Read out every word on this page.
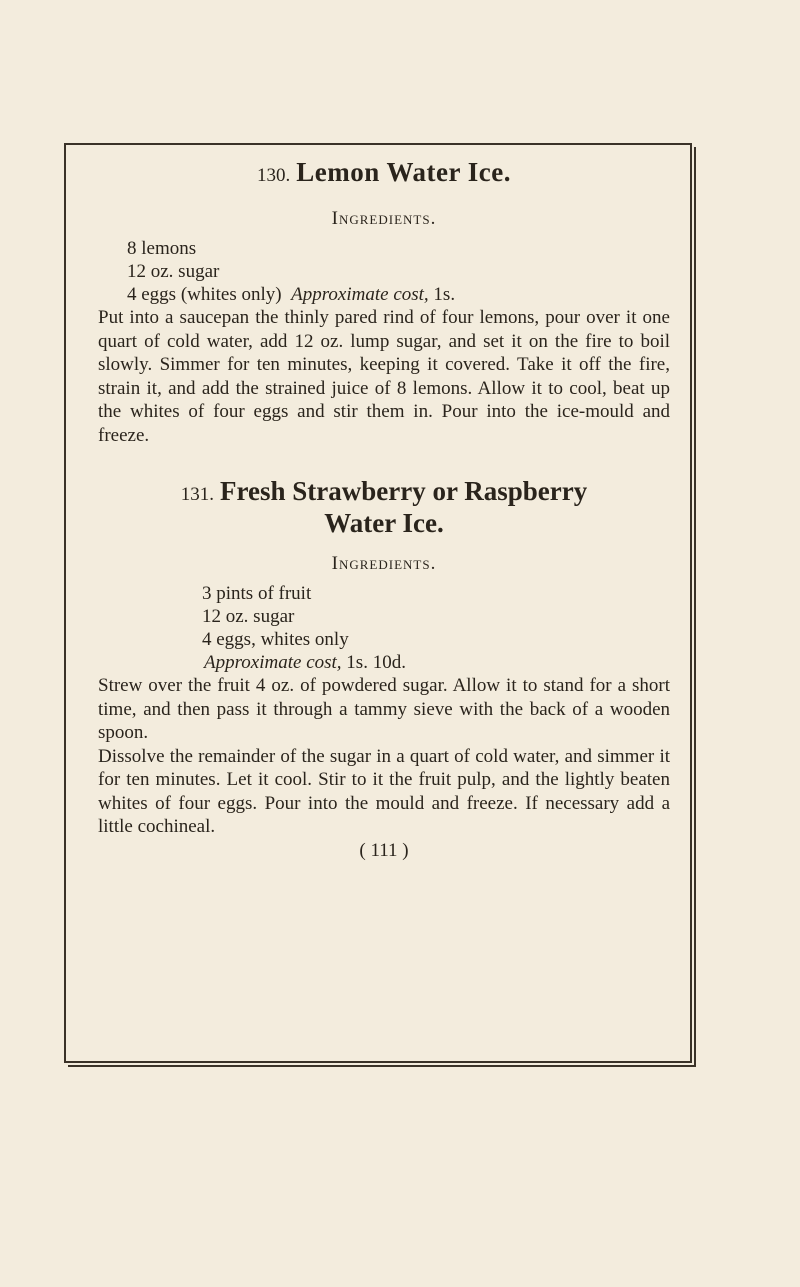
130. Lemon Water Ice.
Ingredients.

8 lemons

12 oz. sugar

4 eggs (whites only) Approximate cost, 1s.

Put into a saucepan the thinly pared rind of four lemons, pour over it one quart of cold water, add 12 oz. lump sugar, and set it on the fire to boil slowly. Simmer for ten minutes, keeping it covered. Take it off the fire, strain it, and add the strained juice of 8 lemons. Allow it to cool, beat up the whites of four eggs and stir them in. Pour into the ice-mould and freeze.

131. Fresh Strawberry or Raspberry
Water Ice.
Ingredients.

3 pints of fruit

12 oz. sugar

4 eggs, whites only

Approximate cost, 1s. 10d.

Strew over the fruit 4 oz. of powdered sugar. Allow it to stand for a short time, and then pass it through a tammy sieve with the back of a wooden spoon.

Dissolve the remainder of the sugar in a quart of cold water, and simmer it for ten minutes. Let it cool. Stir to it the fruit pulp, and the lightly beaten whites of four eggs. Pour into the mould and freeze. If necessary add a little cochineal.

( 111 )
